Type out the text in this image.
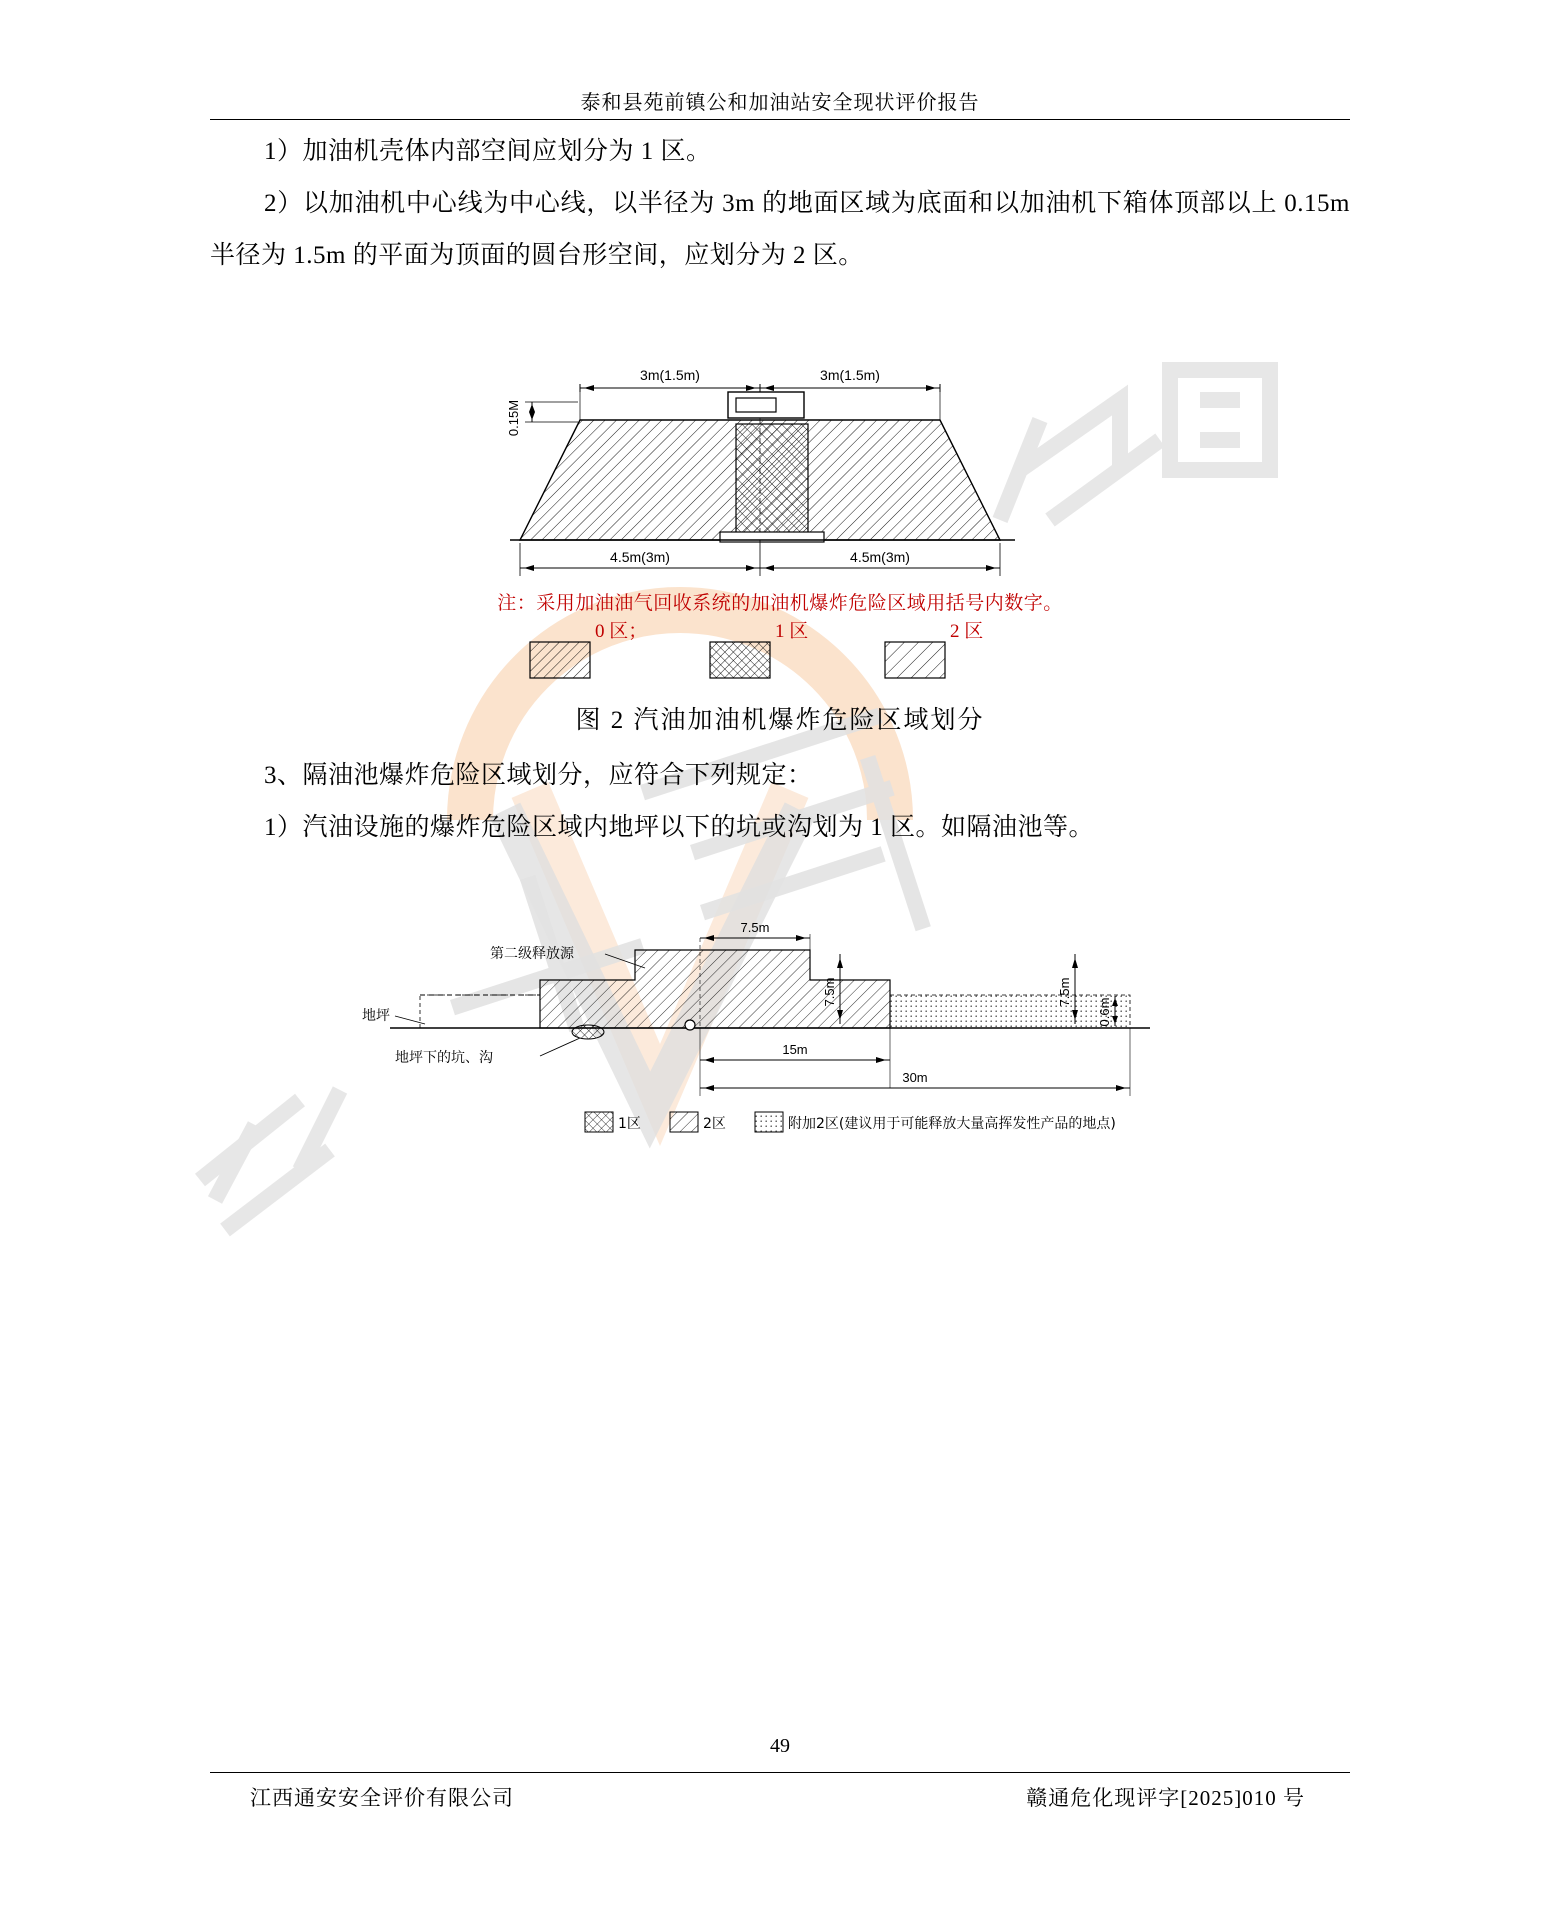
泰和县苑前镇公和加油站安全现状评价报告
1）加油机壳体内部空间应划分为 1 区。
2）以加油机中心线为中心线，以半径为 3m 的地面区域为底面和以加油机下箱体顶部以上 0.15m 半径为 1.5m 的平面为顶面的圆台形空间，应划分为 2 区。
3m(1.5m)	3m(1.5m)
0.15M
4.5m(3m)	4.5m(3m)
注：采用加油油气回收系统的加油机爆炸危险区域用括号内数字。
0 区；	1 区	2 区
图 2 汽油加油机爆炸危险区域划分
3、隔油池爆炸危险区域划分，应符合下列规定：
1）汽油设施的爆炸危险区域内地坪以下的坑或沟划为 1 区。如隔油池等。
第二级释放源
地坪
地坪下的坑、沟
7.5m
7.5m	7.5m
0.6m
15m
30m
1区	2区	附加2区(建议用于可能释放大量高挥发性产品的地点)
49
江西通安安全评价有限公司	赣通危化现评字[2025]010 号
